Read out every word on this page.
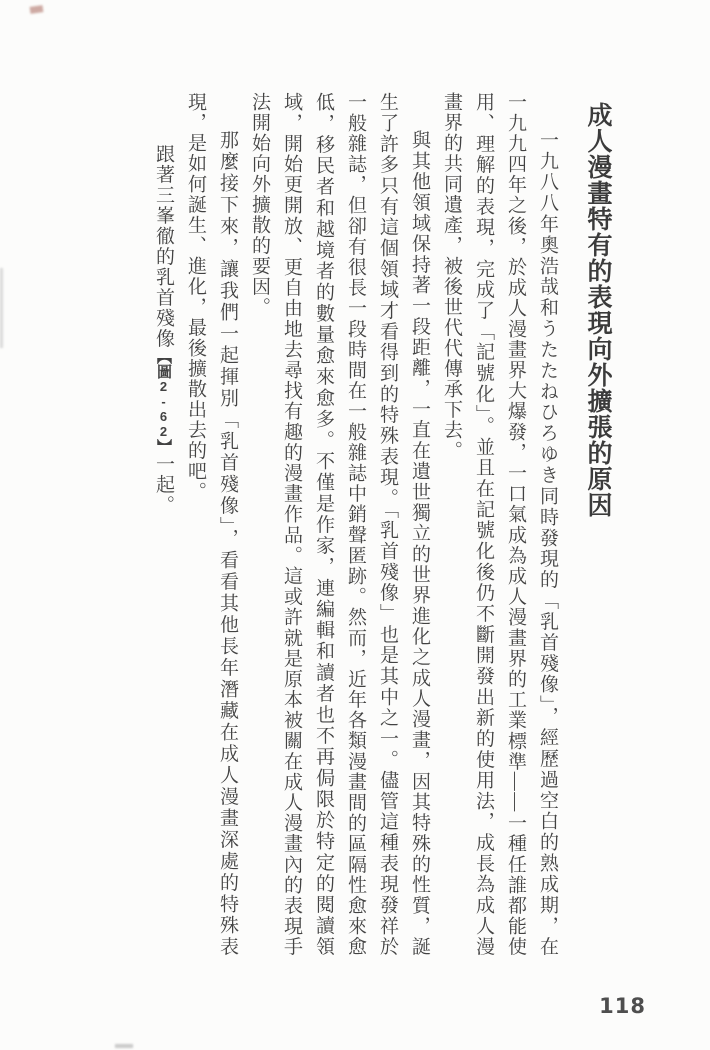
成人漫畫特有的表現向外擴張的原因

一九八八年奧浩哉和うたたねひろゆき同時發現的「乳首殘像」，經歷過空白的熟成期，在一九九四年之後，於成人漫畫界大爆發，一口氣成為成人漫畫界的工業標準——一種任誰都能使用、理解的表現，完成了「記號化」。並且在記號化後仍不斷開發出新的使用法，成長為成人漫畫界的共同遺產，被後世代代傳承下去。

與其他領域保持著一段距離，一直在遺世獨立的世界進化之成人漫畫，因其特殊的性質，誕生了許多只有這個領域才看得到的特殊表現。「乳首殘像」也是其中之一。儘管這種表現發祥於一般雜誌，但卻有很長一段時間在一般雜誌中銷聲匿跡。然而，近年各類漫畫間的區隔性愈來愈低，移民者和越境者的數量愈來愈多。不僅是作家，連編輯和讀者也不再侷限於特定的閱讀領域，開始更開放、更自由地去尋找有趣的漫畫作品。這或許就是原本被關在成人漫畫內的表現手法開始向外擴散的要因。

那麼接下來，讓我們一起揮別「乳首殘像」，看看其他長年潛藏在成人漫畫深處的特殊表現，是如何誕生、進化，最後擴散出去的吧。

跟著三峯徹的乳首殘像【圖2-62】一起。

118
